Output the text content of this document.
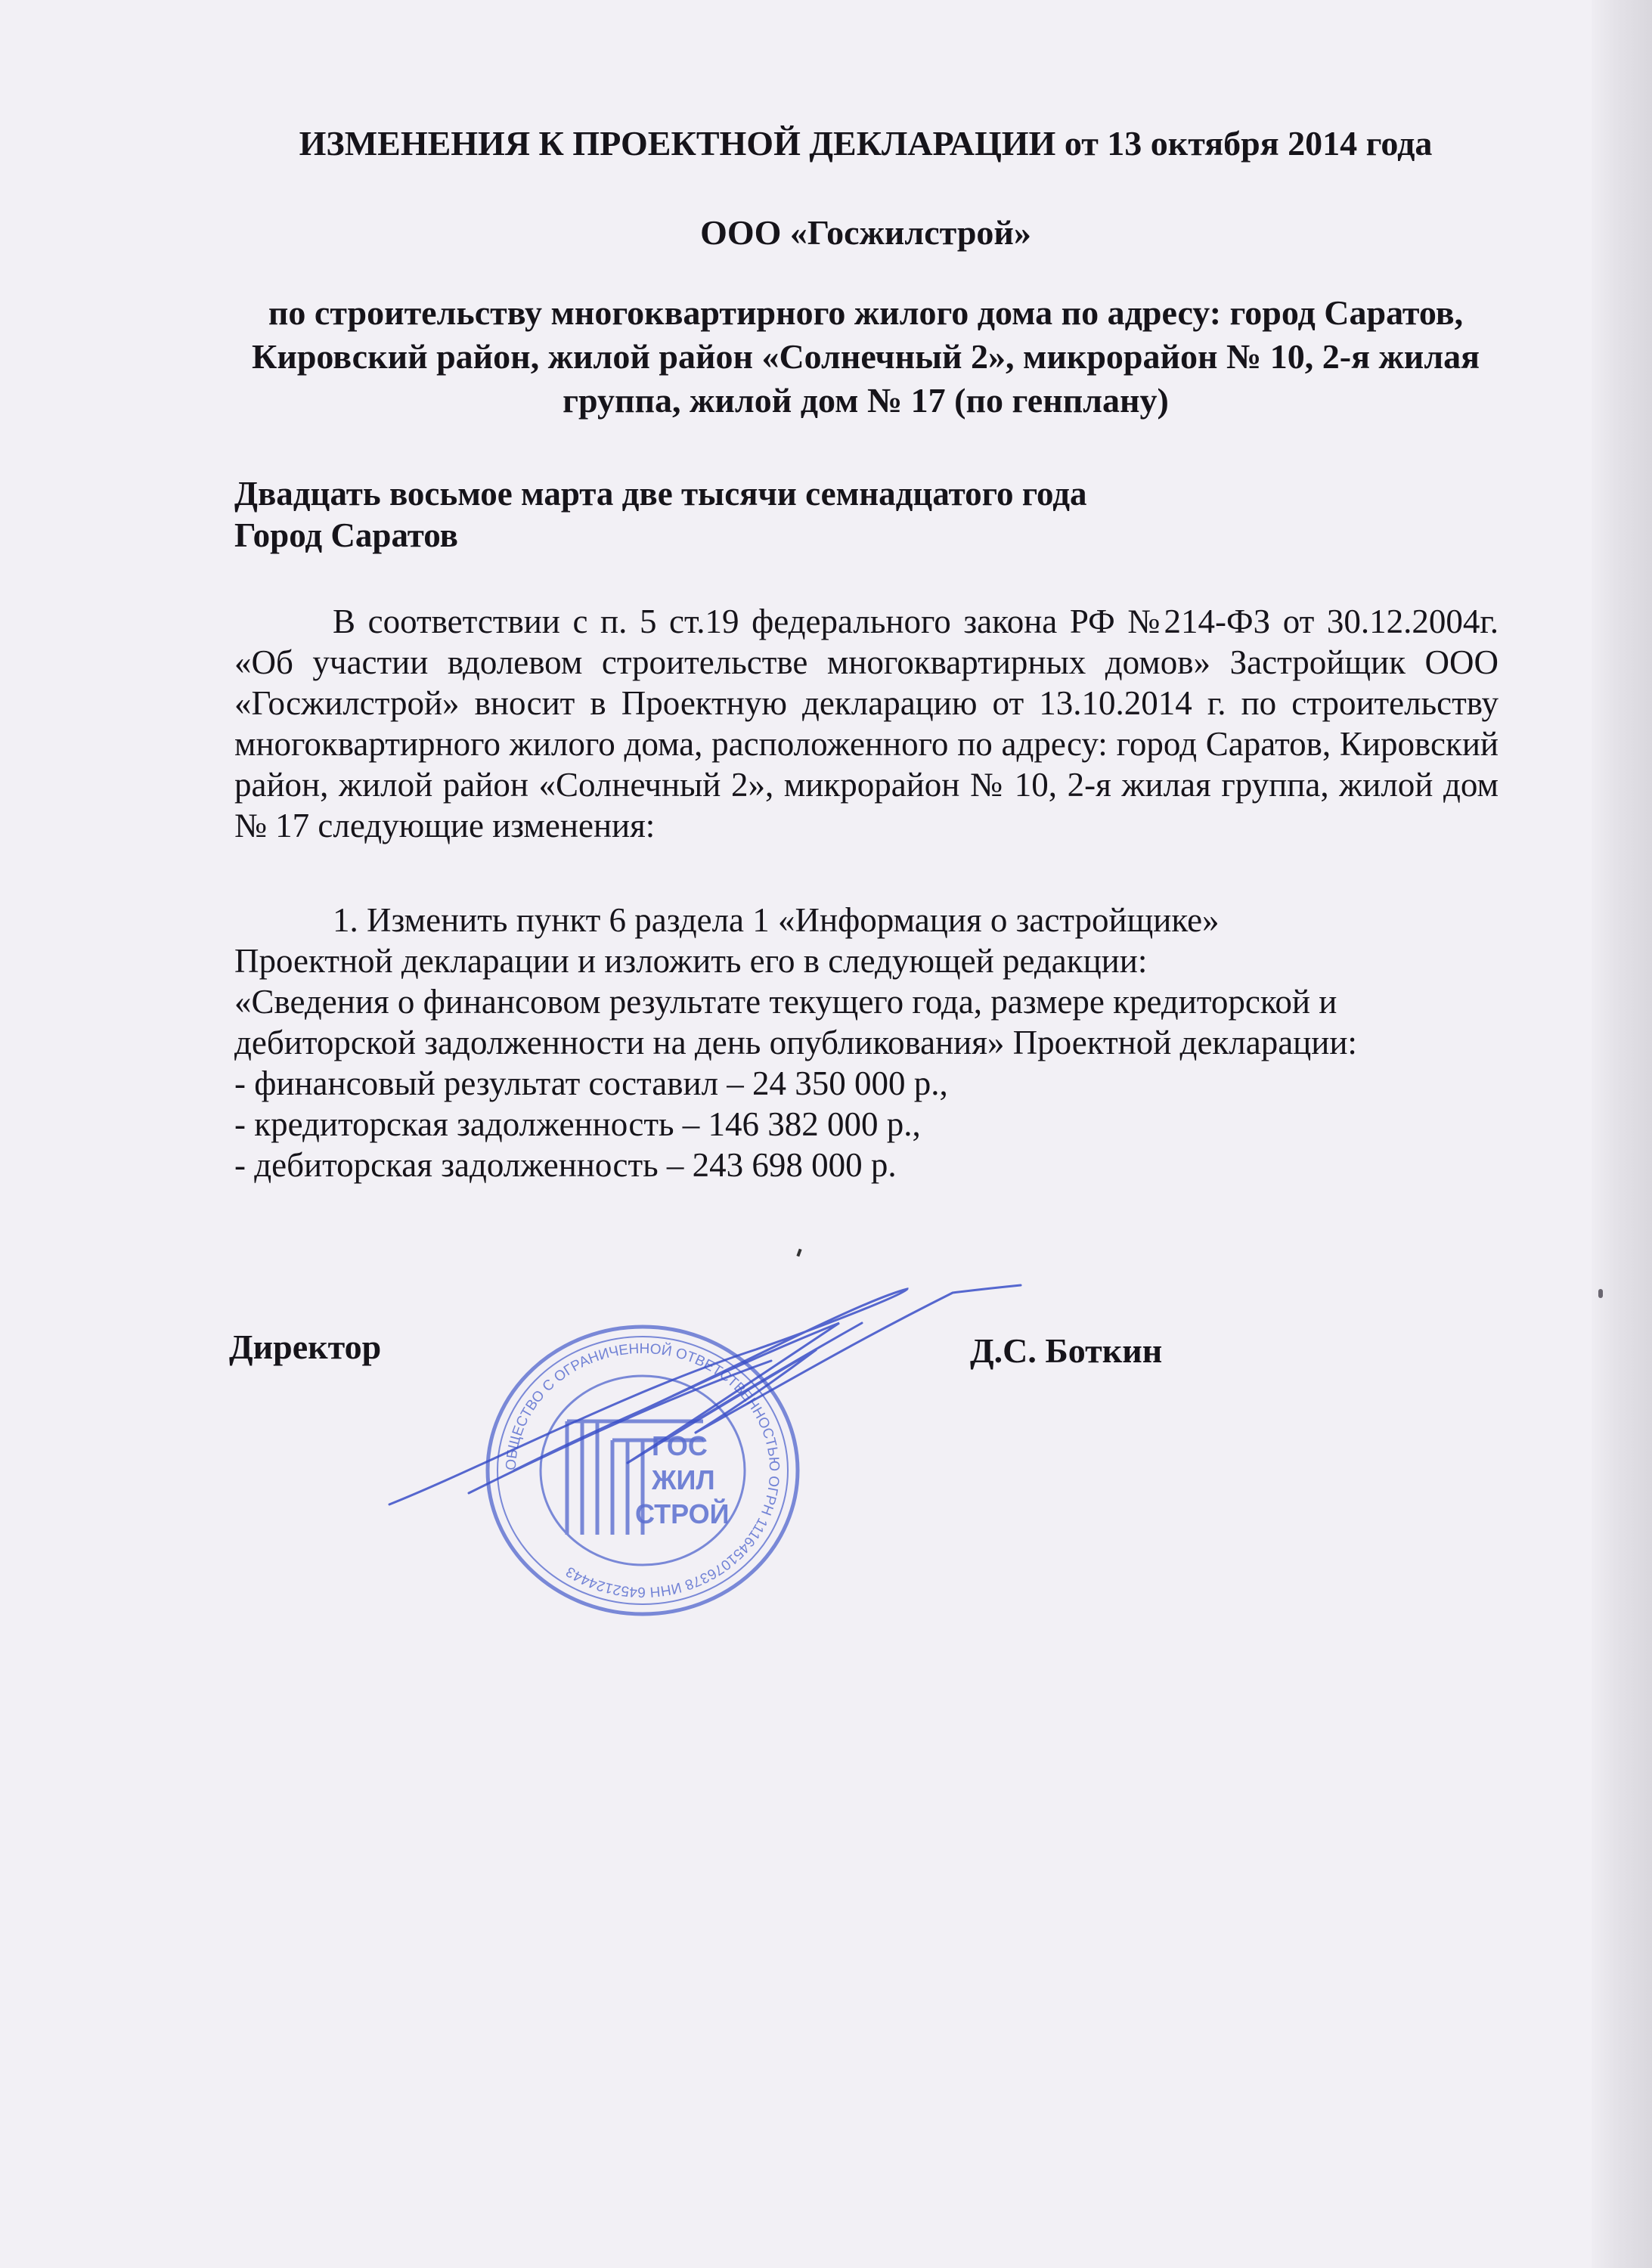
ИЗМЕНЕНИЯ К ПРОЕКТНОЙ ДЕКЛАРАЦИИ от 13 октября 2014 года
ООО «Госжилстрой»
по строительству многоквартирного жилого дома по адресу: город Саратов, Кировский район, жилой район «Солнечный 2», микрорайон № 10, 2-я жилая группа, жилой дом № 17 (по генплану)

Двадцать восьмое марта две тысячи семнадцатого года

Город Саратов

В соответствии с п. 5 ст.19 федерального закона РФ №214-ФЗ от 30.12.2004г. «Об участии вдолевом строительстве многоквартирных домов» Застройщик ООО «Госжилстрой» вносит в Проектную декларацию от 13.10.2014 г. по строительству многоквартирного жилого дома, расположенного по адресу: город Саратов, Кировский район, жилой район «Солнечный 2», микрорайон № 10, 2-я жилая группа, жилой дом № 17 следующие изменения:

1. Изменить пункт 6 раздела 1 «Информация о застройщике»

Проектной декларации и изложить его в следующей редакции:

«Сведения о финансовом результате текущего года, размере кредиторской и

дебиторской задолженности на день опубликования» Проектной декларации:

- финансовый результат составил – 24 350 000 р.,

- кредиторская задолженность – 146 382 000 р.,

- дебиторская задолженность – 243 698 000 р.

Директор	Д.С. Боткин

ОБЩЕСТВО С ОГРАНИЧЕННОЙ ОТВЕТСТВЕННОСТЬЮ ОГРН 1116451076378 ИНН 6452124443
ГОС
ЖИЛ
СТРОЙ
